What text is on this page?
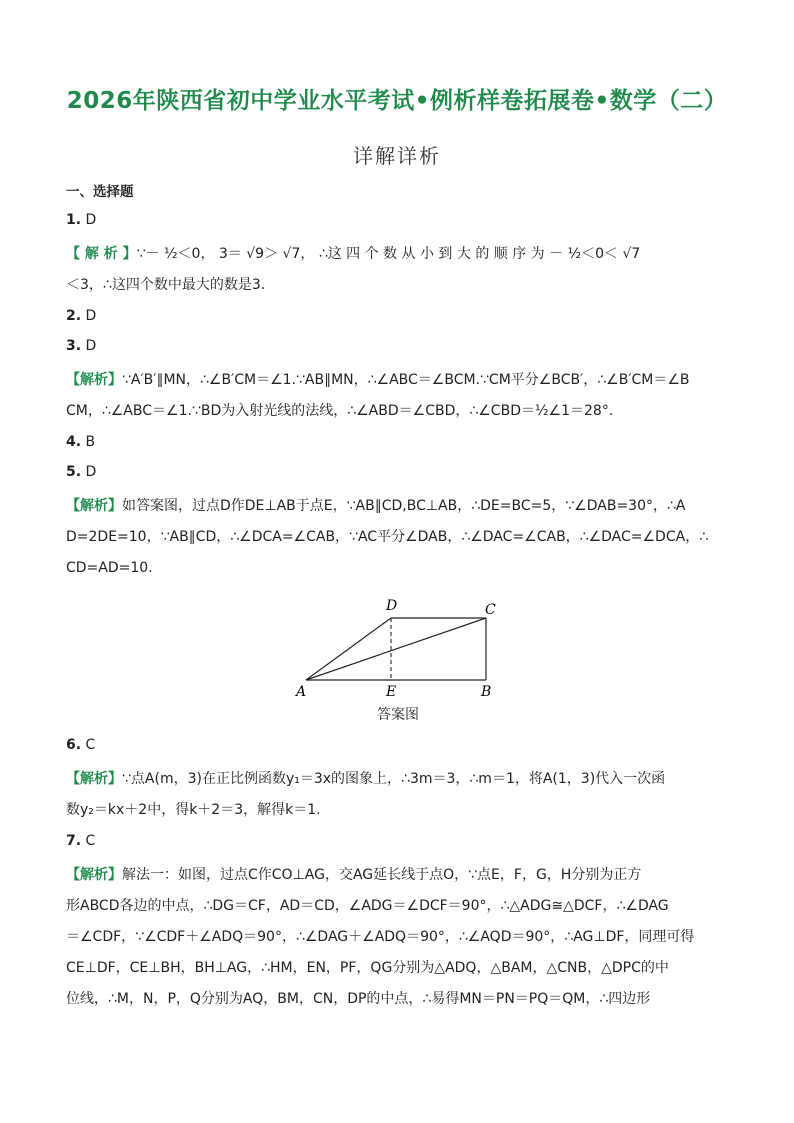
2026年陕西省初中学业水平考试•例析样卷拓展卷•数学（二）
详解详析
一、选择题
1. D
【 解 析 】∵－ ½＜0， 3＝ √9＞ √7， ∴这 四 个 数 从 小 到 大 的 顺 序 为 － ½＜0＜ √7
＜3，∴这四个数中最大的数是3.
2. D
3. D
【解析】∵A′B′∥MN，∴∠B′CM＝∠1.∵AB∥MN，∴∠ABC＝∠BCM.∵CM平分∠BCB′，∴∠B′CM＝∠B
CM，∴∠ABC＝∠1.∵BD为入射光线的法线，∴∠ABD＝∠CBD，∴∠CBD＝½∠1＝28°.
4. B
5. D
【解析】如答案图，过点D作DE⊥AB于点E，∵AB∥CD,BC⊥AB，∴DE=BC=5，∵∠DAB=30°，∴A
D=2DE=10，∵AB∥CD，∴∠DCA=∠CAB，∵AC平分∠DAB，∴∠DAC=∠CAB，∴∠DAC=∠DCA，∴
CD=AD=10.
A	E	B
D	C
答案图
6. C
【解析】∵点A(m，3)在正比例函数y₁＝3x的图象上，∴3m＝3，∴m＝1，将A(1，3)代入一次函
数y₂＝kx＋2中，得k＋2＝3，解得k＝1.
7. C
【解析】解法一：如图，过点C作CO⊥AG，交AG延长线于点O，∵点E，F，G，H分别为正方
形ABCD各边的中点，∴DG＝CF，AD＝CD，∠ADG＝∠DCF＝90°，∴△ADG≅△DCF，∴∠DAG
＝∠CDF，∵∠CDF＋∠ADQ＝90°，∴∠DAG＋∠ADQ＝90°，∴∠AQD＝90°，∴AG⊥DF，同理可得
CE⊥DF，CE⊥BH，BH⊥AG，∴HM，EN，PF，QG分别为△ADQ，△BAM，△CNB，△DPC的中
位线，∴M，N，P，Q分别为AQ，BM，CN，DP的中点，∴易得MN＝PN＝PQ＝QM，∴四边形
